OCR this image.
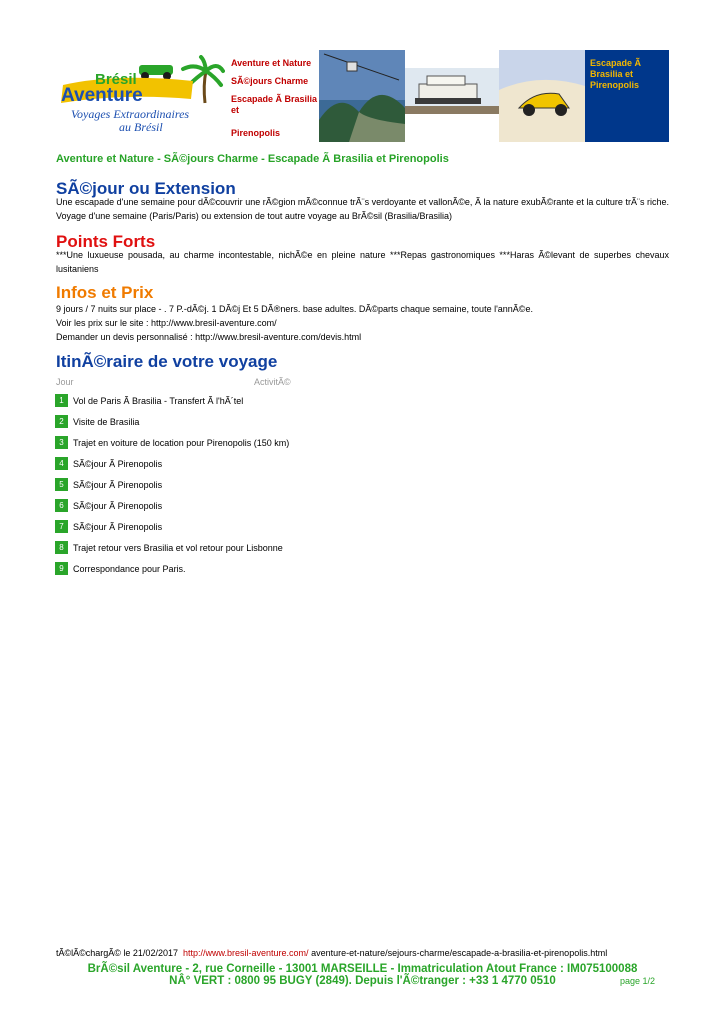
Brésil
Aventure
Voyages Extraordinaires
au Brésil
Aventure et Nature
SÃ©jours Charme
Escapade Ã Brasilia et
Pirenopolis
Escapade Ã Brasilia et Pirenopolis
Aventure et Nature - SÃ©jours Charme - Escapade Ã Brasilia et Pirenopolis
SÃ©jour ou Extension
Une escapade d'une semaine pour dÃ©couvrir une rÃ©gion mÃ©connue trÃ¨s verdoyante et vallonÃ©e, Ã la nature exubÃ©rante et la culture trÃ¨s riche. Voyage d'une semaine (Paris/Paris) ou extension de tout autre voyage au BrÃ©sil (Brasilia/Brasilia)
Points Forts
***Une luxueuse pousada, au charme incontestable, nichÃ©e en pleine nature ***Repas gastronomiques ***Haras Ã©levant de superbes chevaux lusitaniens
Infos et Prix
9 jours / 7 nuits sur place - . 7 P.-dÃ©j. 1 DÃ©j Et 5 DÃ®ners. base adultes. DÃ©parts chaque semaine, toute l'annÃ©e.
Voir les prix sur le site : http://www.bresil-aventure.com/
Demander un devis personnalisé : http://www.bresil-aventure.com/devis.html
ItinÃ©raire de votre voyage
Jour	ActivitÃ©
1	Vol de Paris Ã Brasilia - Transfert Ã l'hÃ´tel
2	Visite de Brasilia
3	Trajet en voiture de location pour Pirenopolis (150 km)
4	SÃ©jour Ã Pirenopolis
5	SÃ©jour Ã Pirenopolis
6	SÃ©jour Ã Pirenopolis
7	SÃ©jour Ã Pirenopolis
8	Trajet retour vers Brasilia et vol retour pour Lisbonne
9	Correspondance pour Paris.
tÃ©lÃ©chargÃ© le 21/02/2017 http://www.bresil-aventure.com/ aventure-et-nature/sejours-charme/escapade-a-brasilia-et-pirenopolis.html
BrÃ©sil Aventure - 2, rue Corneille - 13001 MARSEILLE - Immatriculation Atout France : IM075100088
NÂ° VERT : 0800 95 BUGY (2849). Depuis l'Ã©tranger : +33 1 4770 0510	page 1/2
